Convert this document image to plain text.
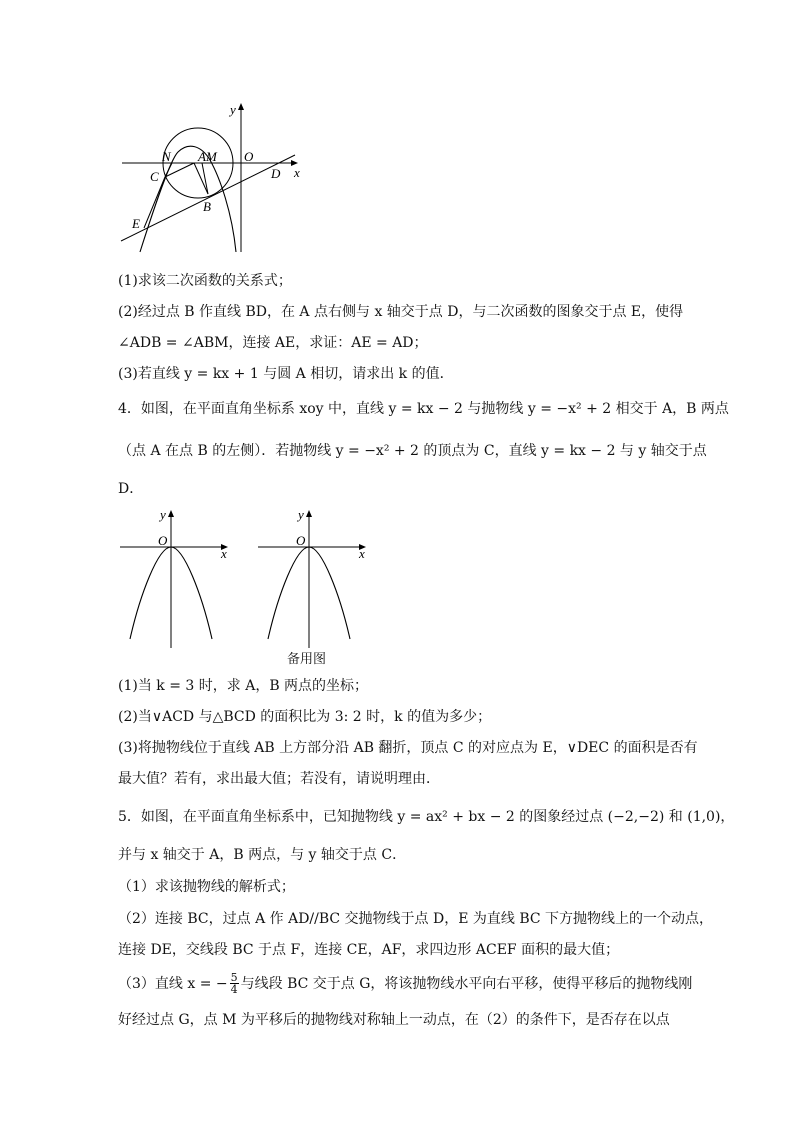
y
N AM O
C	D x
B
E
(1)求该二次函数的关系式；
(2)经过点 B 作直线 BD，在 A 点右侧与 x 轴交于点 D，与二次函数的图象交于点 E，使得
∠ADB = ∠ABM，连接 AE，求证：AE = AD；
(3)若直线 y = kx + 1 与圆 A 相切，请求出 k 的值．
4．如图，在平面直角坐标系 xoy 中，直线 y = kx − 2 与抛物线 y = −x² + 2 相交于 A，B 两点
（点 A 在点 B 的左侧）．若抛物线 y = −x² + 2 的顶点为 C，直线 y = kx − 2 与 y 轴交于点
D．
y
O
x
y
O
x
备用图
(1)当 k = 3 时，求 A，B 两点的坐标；
(2)当∨ACD 与△BCD 的面积比为 3: 2 时，k 的值为多少；
(3)将抛物线位于直线 AB 上方部分沿 AB 翻折，顶点 C 的对应点为 E，∨DEC 的面积是否有
最大值？若有，求出最大值；若没有，请说明理由．
5．如图，在平面直角坐标系中，已知抛物线 y = ax² + bx − 2 的图象经过点 (−2,−2) 和 (1,0)，
并与 x 轴交于 A，B 两点，与 y 轴交于点 C．
（1）求该抛物线的解析式；
（2）连接 BC，过点 A 作 AD//BC 交抛物线于点 D，E 为直线 BC 下方抛物线上的一个动点，
连接 DE，交线段 BC 于点 F，连接 CE，AF，求四边形 ACEF 面积的最大值；
（3）直线 x = − $\frac{5}{4}$ 与线段 BC 交于点 G，将该抛物线水平向右平移，使得平移后的抛物线刚
好经过点 G，点 M 为平移后的抛物线对称轴上一动点，在（2）的条件下，是否存在以点
